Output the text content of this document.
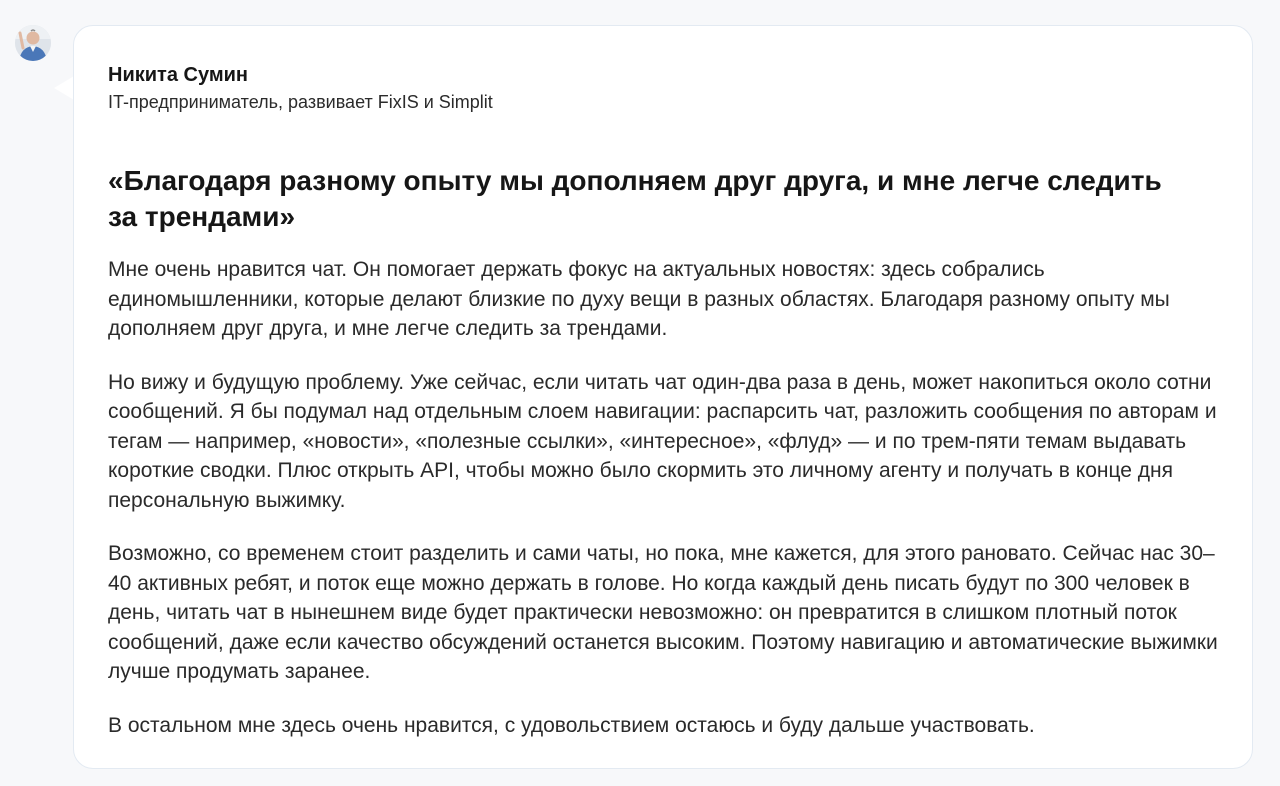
Никита Сумин
IT-предприниматель, развивает FixIS и Simplit
«Благодаря разному опыту мы дополняем друг друга, и мне легче следить за трендами»

Мне очень нравится чат. Он помогает держать фокус на актуальных новостях: здесь собрались единомышленники, которые делают близкие по духу вещи в разных областях. Благодаря разному опыту мы дополняем друг друга, и мне легче следить за трендами.

Но вижу и будущую проблему. Уже сейчас, если читать чат один-два раза в день, может накопиться около сотни сообщений. Я бы подумал над отдельным слоем навигации: распарсить чат, разложить сообщения по авторам и тегам — например, «новости», «полезные ссылки», «интересное», «флуд» — и по трем-пяти темам выдавать короткие сводки. Плюс открыть API, чтобы можно было скормить это личному агенту и получать в конце дня персональную выжимку.

Возможно, со временем стоит разделить и сами чаты, но пока, мне кажется, для этого рановато. Сейчас нас 30–40 активных ребят, и поток еще можно держать в голове. Но когда каждый день писать будут по 300 человек в день, читать чат в нынешнем виде будет практически невозможно: он превратится в слишком плотный поток сообщений, даже если качество обсуждений останется высоким. Поэтому навигацию и автоматические выжимки лучше продумать заранее.

В остальном мне здесь очень нравится, с удовольствием остаюсь и буду дальше участвовать.
